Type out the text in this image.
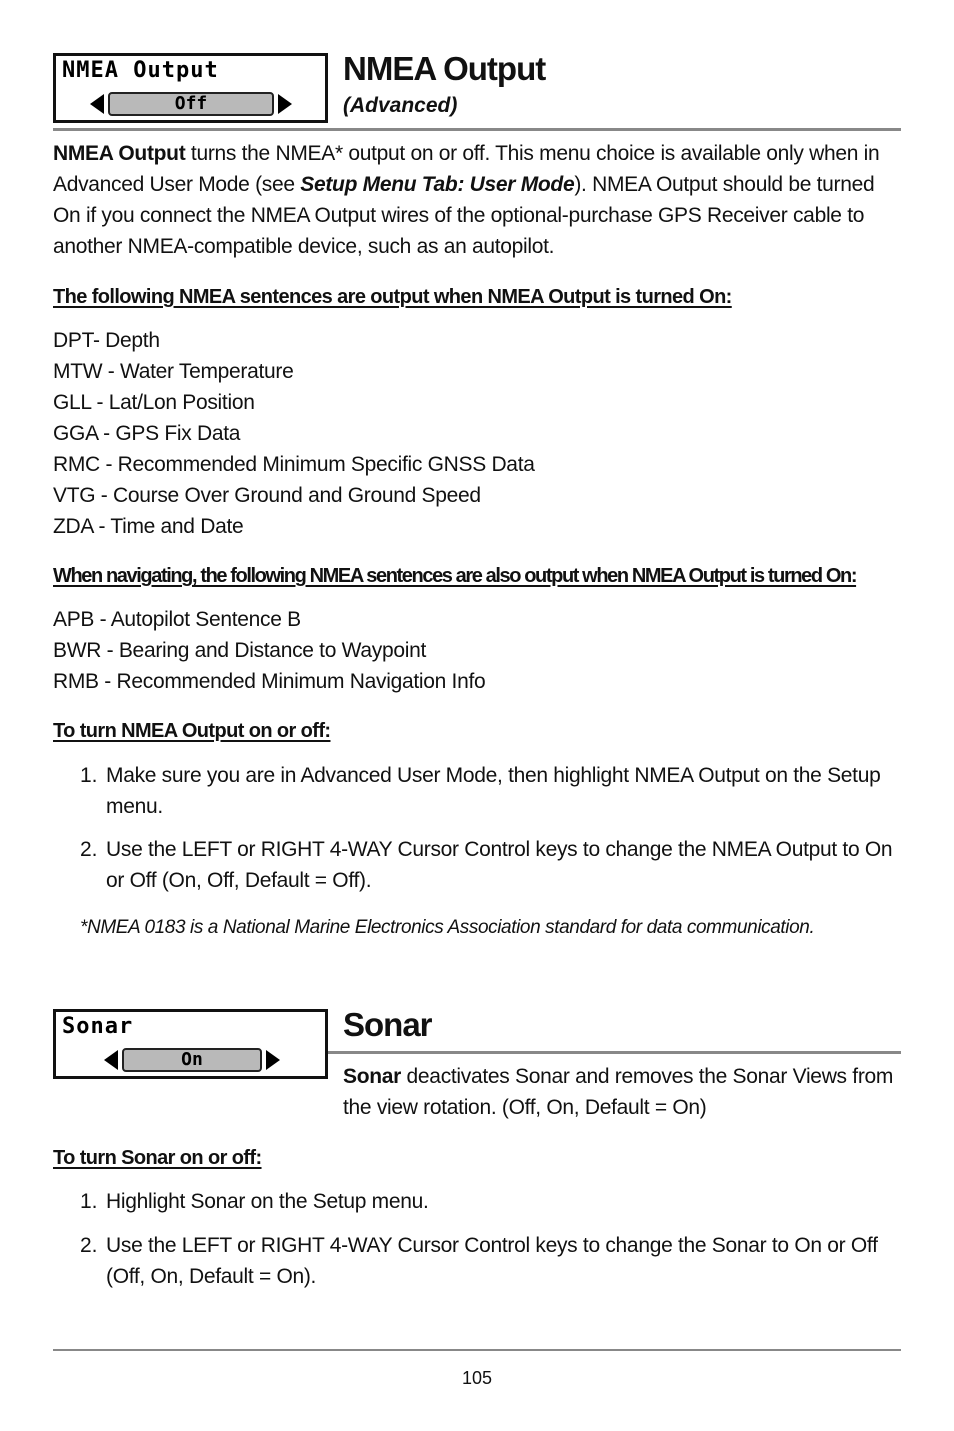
NMEA Output
Off
NMEA Output
(Advanced)
NMEA Output turns the NMEA* output on or off. This menu choice is available only when in Advanced User Mode (see Setup Menu Tab: User Mode). NMEA Output should be turned On if you connect the NMEA Output wires of the optional-purchase GPS Receiver cable to another NMEA-compatible device, such as an autopilot.
The following NMEA sentences are output when NMEA Output is turned On:
DPT- Depth
MTW - Water Temperature
GLL - Lat/Lon Position
GGA - GPS Fix Data
RMC - Recommended Minimum Specific GNSS Data
VTG - Course Over Ground and Ground Speed
ZDA - Time and Date
When navigating, the following NMEA sentences are also output when NMEA Output is turned On:
APB - Autopilot Sentence B
BWR - Bearing and Distance to Waypoint
RMB - Recommended Minimum Navigation Info
To turn NMEA Output on or off:
1. Make sure you are in Advanced User Mode, then highlight NMEA Output on the Setup menu.
2. Use the LEFT or RIGHT 4-WAY Cursor Control keys to change the NMEA Output to On or Off (On, Off, Default = Off).
*NMEA 0183 is a National Marine Electronics Association standard for data communication.
Sonar
On
Sonar
Sonar deactivates Sonar and removes the Sonar Views from the view rotation. (Off, On, Default = On)
To turn Sonar on or off:
1. Highlight Sonar on the Setup menu.
2. Use the LEFT or RIGHT 4-WAY Cursor Control keys to change the Sonar to On or Off (Off, On, Default = On).
105
